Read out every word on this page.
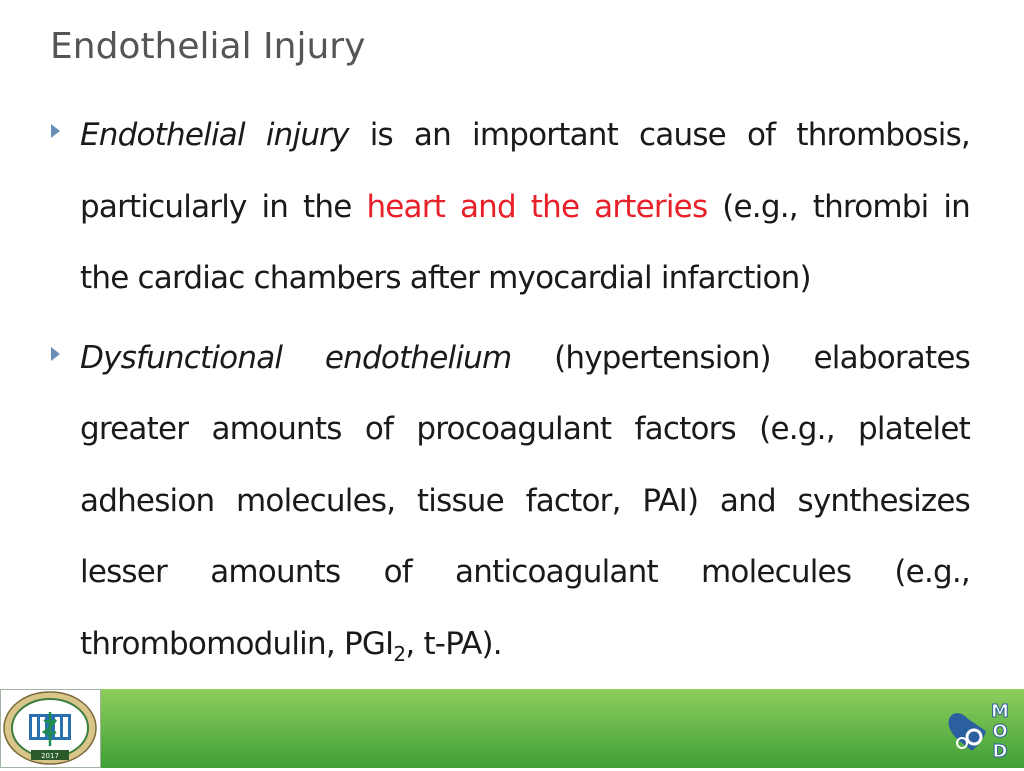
Endothelial Injury

Endothelial injury is an important cause of thrombosis, particularly in the heart and the arteries (e.g., thrombi in the cardiac chambers after myocardial infarction)

Dysfunctional endothelium (hypertension) elaborates greater amounts of procoagulant factors (e.g., platelet adhesion molecules, tissue factor, PAI) and synthesizes lesser amounts of anticoagulant molecules (e.g., thrombomodulin, $PGI_2$, t-PA).

2017
M
O
D
